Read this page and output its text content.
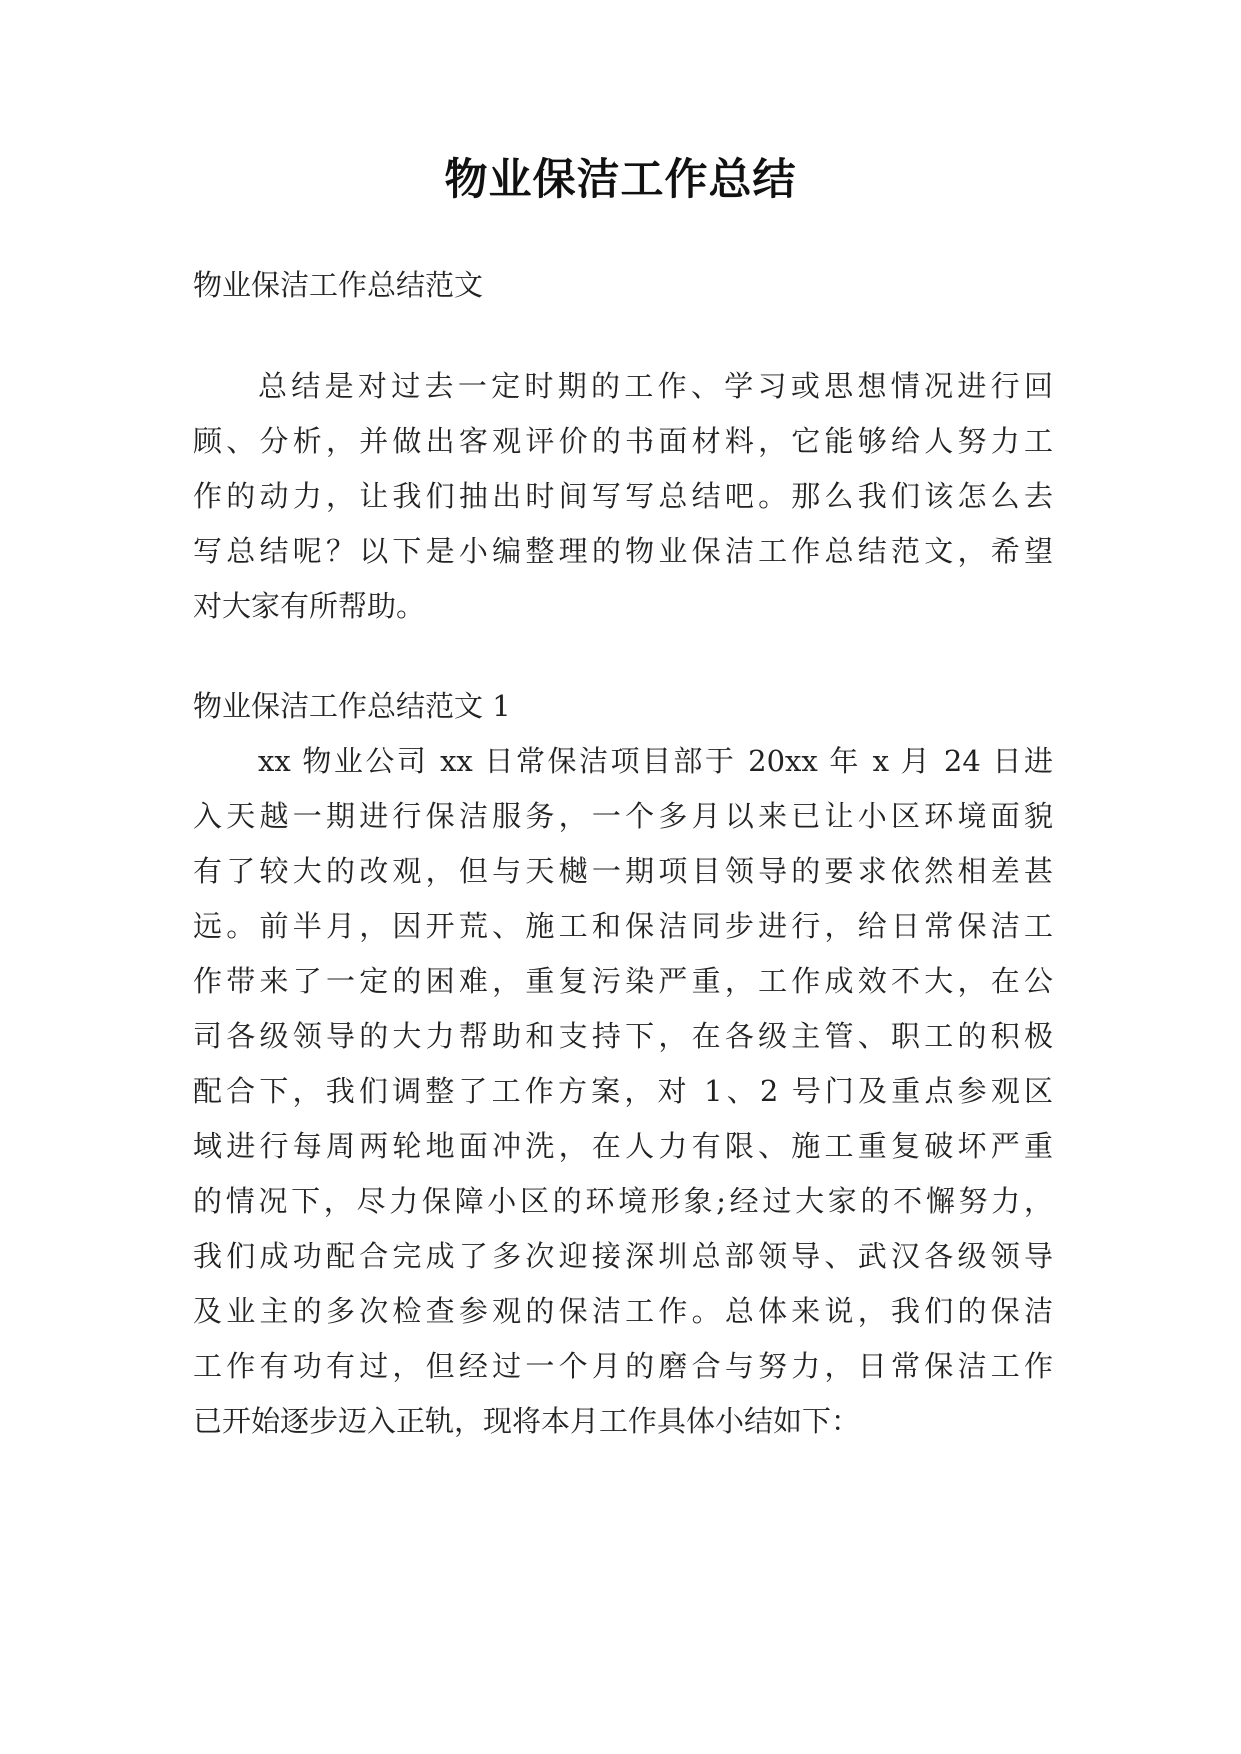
物业保洁工作总结
物业保洁工作总结范文
总结是对过去一定时期的工作、学习或思想情况进行回
顾、分析，并做出客观评价的书面材料，它能够给人努力工
作的动力，让我们抽出时间写写总结吧。那么我们该怎么去
写总结呢？以下是小编整理的物业保洁工作总结范文，希望
对大家有所帮助。
物业保洁工作总结范文 1
xx 物业公司 xx 日常保洁项目部于 20xx 年 x 月 24 日进
入天越一期进行保洁服务，一个多月以来已让小区环境面貌
有了较大的改观，但与天樾一期项目领导的要求依然相差甚
远。前半月，因开荒、施工和保洁同步进行，给日常保洁工
作带来了一定的困难，重复污染严重，工作成效不大，在公
司各级领导的大力帮助和支持下，在各级主管、职工的积极
配合下，我们调整了工作方案，对 1、2 号门及重点参观区
域进行每周两轮地面冲洗，在人力有限、施工重复破坏严重
的情况下，尽力保障小区的环境形象;经过大家的不懈努力，
我们成功配合完成了多次迎接深圳总部领导、武汉各级领导
及业主的多次检查参观的保洁工作。总体来说，我们的保洁
工作有功有过，但经过一个月的磨合与努力，日常保洁工作
已开始逐步迈入正轨，现将本月工作具体小结如下：
